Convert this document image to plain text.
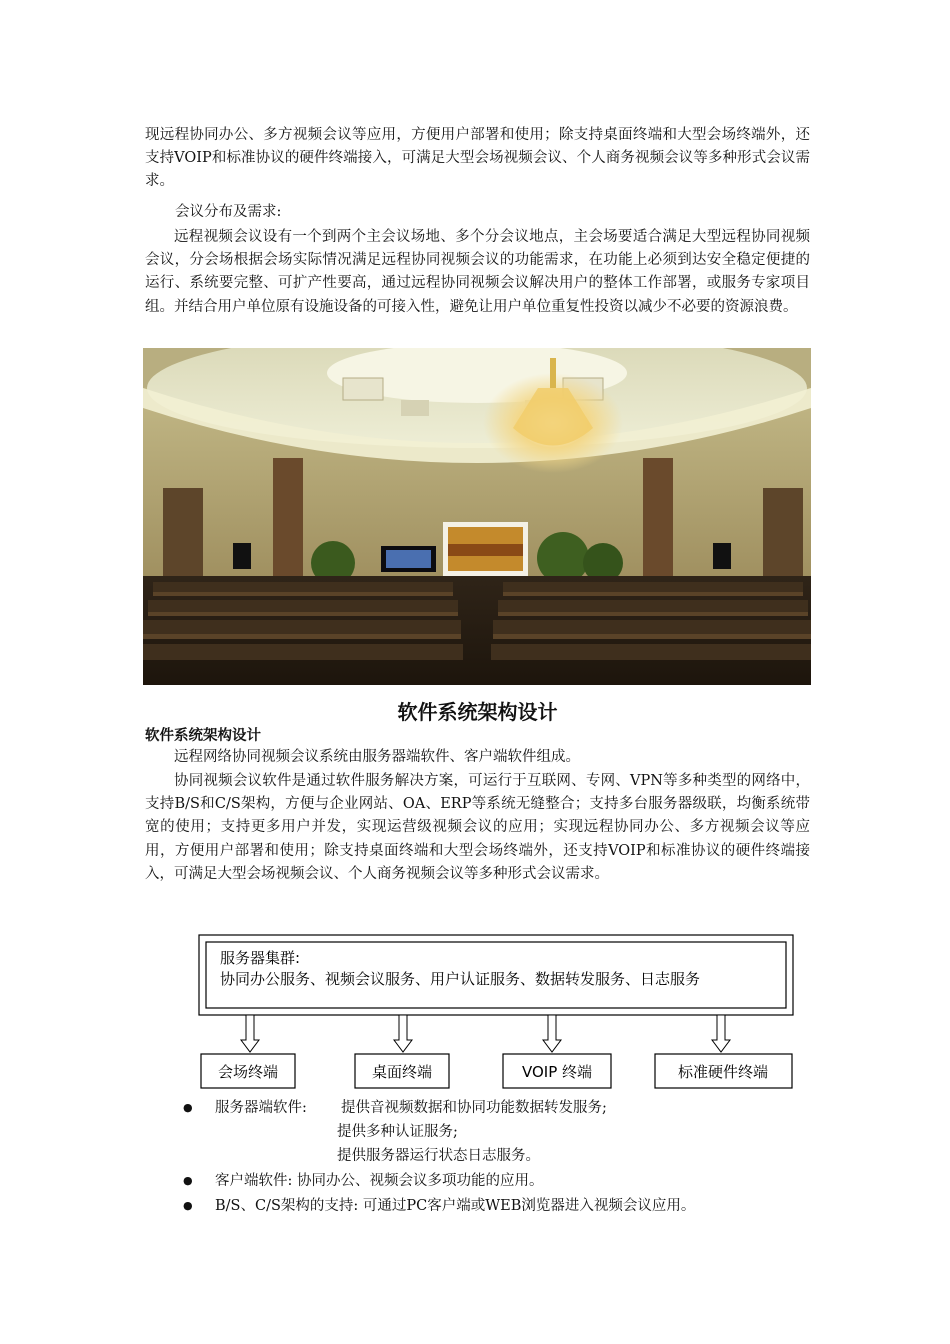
现远程协同办公、多方视频会议等应用，方便用户部署和使用；除支持桌面终端和大型会场终端外，还支持VOIP和标准协议的硬件终端接入，可满足大型会场视频会议、个人商务视频会议等多种形式会议需求。

会议分布及需求:

远程视频会议设有一个到两个主会议场地、多个分会议地点，主会场要适合满足大型远程协同视频会议，分会场根据会场实际情况满足远程协同视频会议的功能需求，在功能上必须到达安全稳定便捷的运行、系统要完整、可扩产性要高，通过远程协同视频会议解决用户的整体工作部署，或服务专家项目组。并结合用户单位原有设施设备的可接入性，避免让用户单位重复性投资以减少不必要的资源浪费。

软件系统架构设计
软件系统架构设计

远程网络协同视频会议系统由服务器端软件、客户端软件组成。

协同视频会议软件是通过软件服务解决方案，可运行于互联网、专网、VPN等多种类型的网络中，支持B/S和C/S架构，方便与企业网站、OA、ERP等系统无缝整合；支持多台服务器级联，均衡系统带宽的使用；支持更多用户并发，实现运营级视频会议的应用；实现远程协同办公、多方视频会议等应用，方便用户部署和使用；除支持桌面终端和大型会场终端外，还支持VOIP和标准协议的硬件终端接入，可满足大型会场视频会议、个人商务视频会议等多种形式会议需求。

服务器集群:
协同办公服务、视频会议服务、用户认证服务、数据转发服务、日志服务
会场终端	桌面终端	VOIP 终端	标准硬件终端
● 服务器端软件: 提供音视频数据和协同功能数据转发服务;
提供多种认证服务;
提供服务器运行状态日志服务。
● 客户端软件: 协同办公、视频会议多项功能的应用。
● B/S、C/S架构的支持: 可通过PC客户端或WEB浏览器进入视频会议应用。
